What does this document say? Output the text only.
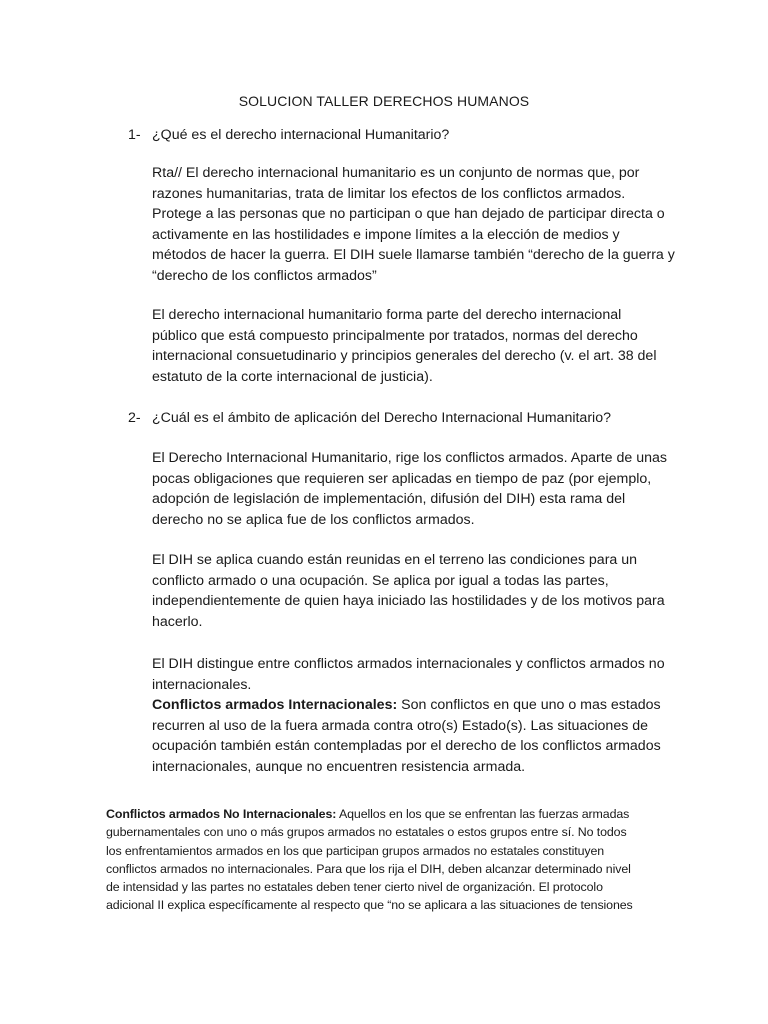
SOLUCION TALLER DERECHOS HUMANOS
1- ¿Qué es el derecho internacional Humanitario?

Rta// El derecho internacional humanitario es un conjunto de normas que, por
razones humanitarias, trata de limitar los efectos de los conflictos armados.
Protege a las personas que no participan o que han dejado de participar directa o
activamente en las hostilidades e impone límites a la elección de medios y
métodos de hacer la guerra. El DIH suele llamarse también “derecho de la guerra y
“derecho de los conflictos armados”

El derecho internacional humanitario forma parte del derecho internacional
público que está compuesto principalmente por tratados, normas del derecho
internacional consuetudinario y principios generales del derecho (v. el art. 38 del
estatuto de la corte internacional de justicia).

2- ¿Cuál es el ámbito de aplicación del Derecho Internacional Humanitario?

El Derecho Internacional Humanitario, rige los conflictos armados. Aparte de unas
pocas obligaciones que requieren ser aplicadas en tiempo de paz (por ejemplo,
adopción de legislación de implementación, difusión del DIH) esta rama del
derecho no se aplica fue de los conflictos armados.

El DIH se aplica cuando están reunidas en el terreno las condiciones para un
conflicto armado o una ocupación. Se aplica por igual a todas las partes,
independientemente de quien haya iniciado las hostilidades y de los motivos para
hacerlo.

El DIH distingue entre conflictos armados internacionales y conflictos armados no
internacionales.
Conflictos armados Internacionales: Son conflictos en que uno o mas estados
recurren al uso de la fuera armada contra otro(s) Estado(s). Las situaciones de
ocupación también están contempladas por el derecho de los conflictos armados
internacionales, aunque no encuentren resistencia armada.

Conflictos armados No Internacionales: Aquellos en los que se enfrentan las fuerzas armadas
gubernamentales con uno o más grupos armados no estatales o estos grupos entre sí. No todos
los enfrentamientos armados en los que participan grupos armados no estatales constituyen
conflictos armados no internacionales. Para que los rija el DIH, deben alcanzar determinado nivel
de intensidad y las partes no estatales deben tener cierto nivel de organización. El protocolo
adicional II explica específicamente al respecto que “no se aplicara a las situaciones de tensiones
